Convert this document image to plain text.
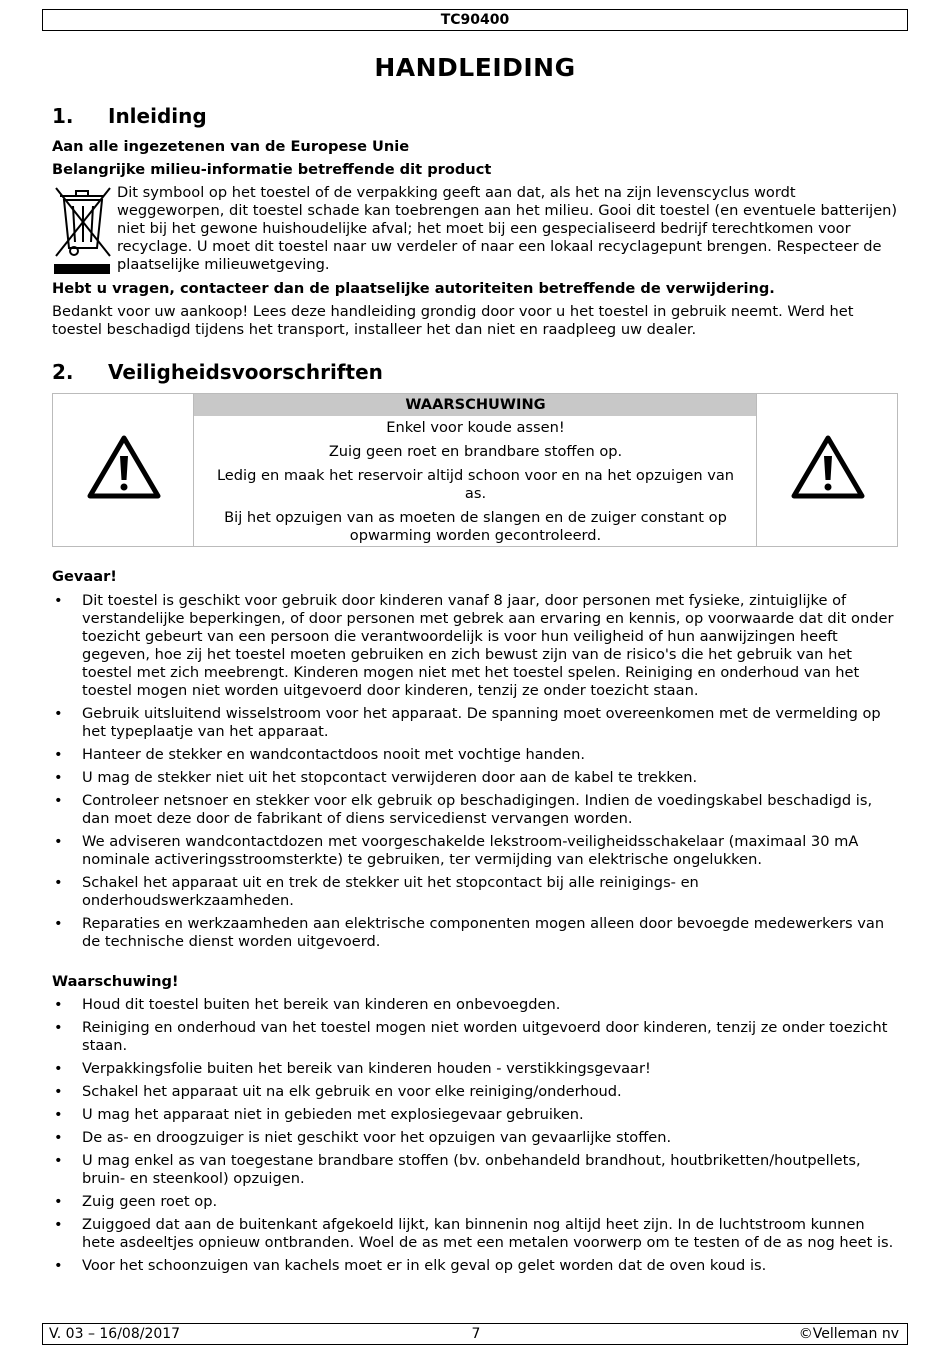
TC90400
HANDLEIDING
1. Inleiding
Aan alle ingezetenen van de Europese Unie
Belangrijke milieu-informatie betreffende dit product
Dit symbool op het toestel of de verpakking geeft aan dat, als het na zijn levenscyclus wordt weggeworpen, dit toestel schade kan toebrengen aan het milieu. Gooi dit toestel (en eventuele batterijen) niet bij het gewone huishoudelijke afval; het moet bij een gespecialiseerd bedrijf terechtkomen voor recyclage. U moet dit toestel naar uw verdeler of naar een lokaal recyclagepunt brengen. Respecteer de plaatselijke milieuwetgeving.
Hebt u vragen, contacteer dan de plaatselijke autoriteiten betreffende de verwijdering.
Bedankt voor uw aankoop! Lees deze handleiding grondig door voor u het toestel in gebruik neemt. Werd het toestel beschadigd tijdens het transport, installeer het dan niet en raadpleeg uw dealer.
2. Veiligheidsvoorschriften
WAARSCHUWING
Enkel voor koude assen!
Zuig geen roet en brandbare stoffen op.
Ledig en maak het reservoir altijd schoon voor en na het opzuigen van as.
Bij het opzuigen van as moeten de slangen en de zuiger constant op opwarming worden gecontroleerd.
Gevaar!
• Dit toestel is geschikt voor gebruik door kinderen vanaf 8 jaar, door personen met fysieke, zintuiglijke of verstandelijke beperkingen, of door personen met gebrek aan ervaring en kennis, op voorwaarde dat dit onder toezicht gebeurt van een persoon die verantwoordelijk is voor hun veiligheid of hun aanwijzingen heeft gegeven, hoe zij het toestel moeten gebruiken en zich bewust zijn van de risico's die het gebruik van het toestel met zich meebrengt. Kinderen mogen niet met het toestel spelen. Reiniging en onderhoud van het toestel mogen niet worden uitgevoerd door kinderen, tenzij ze onder toezicht staan.
• Gebruik uitsluitend wisselstroom voor het apparaat. De spanning moet overeenkomen met de vermelding op het typeplaatje van het apparaat.
• Hanteer de stekker en wandcontactdoos nooit met vochtige handen.
• U mag de stekker niet uit het stopcontact verwijderen door aan de kabel te trekken.
• Controleer netsnoer en stekker voor elk gebruik op beschadigingen. Indien de voedingskabel beschadigd is, dan moet deze door de fabrikant of diens servicedienst vervangen worden.
• We adviseren wandcontactdozen met voorgeschakelde lekstroom-veiligheidsschakelaar (maximaal 30 mA nominale activeringsstroomsterkte) te gebruiken, ter vermijding van elektrische ongelukken.
• Schakel het apparaat uit en trek de stekker uit het stopcontact bij alle reinigings- en onderhoudswerkzaamheden.
• Reparaties en werkzaamheden aan elektrische componenten mogen alleen door bevoegde medewerkers van de technische dienst worden uitgevoerd.
Waarschuwing!
• Houd dit toestel buiten het bereik van kinderen en onbevoegden.
• Reiniging en onderhoud van het toestel mogen niet worden uitgevoerd door kinderen, tenzij ze onder toezicht staan.
• Verpakkingsfolie buiten het bereik van kinderen houden - verstikkingsgevaar!
• Schakel het apparaat uit na elk gebruik en voor elke reiniging/onderhoud.
• U mag het apparaat niet in gebieden met explosiegevaar gebruiken.
• De as- en droogzuiger is niet geschikt voor het opzuigen van gevaarlijke stoffen.
• U mag enkel as van toegestane brandbare stoffen (bv. onbehandeld brandhout, houtbriketten/houtpellets, bruin- en steenkool) opzuigen.
• Zuig geen roet op.
• Zuiggoed dat aan de buitenkant afgekoeld lijkt, kan binnenin nog altijd heet zijn. In de luchtstroom kunnen hete asdeeltjes opnieuw ontbranden. Woel de as met een metalen voorwerp om te testen of de as nog heet is.
• Voor het schoonzuigen van kachels moet er in elk geval op gelet worden dat de oven koud is.
7
V. 03 – 16/08/2017	©Velleman nv
